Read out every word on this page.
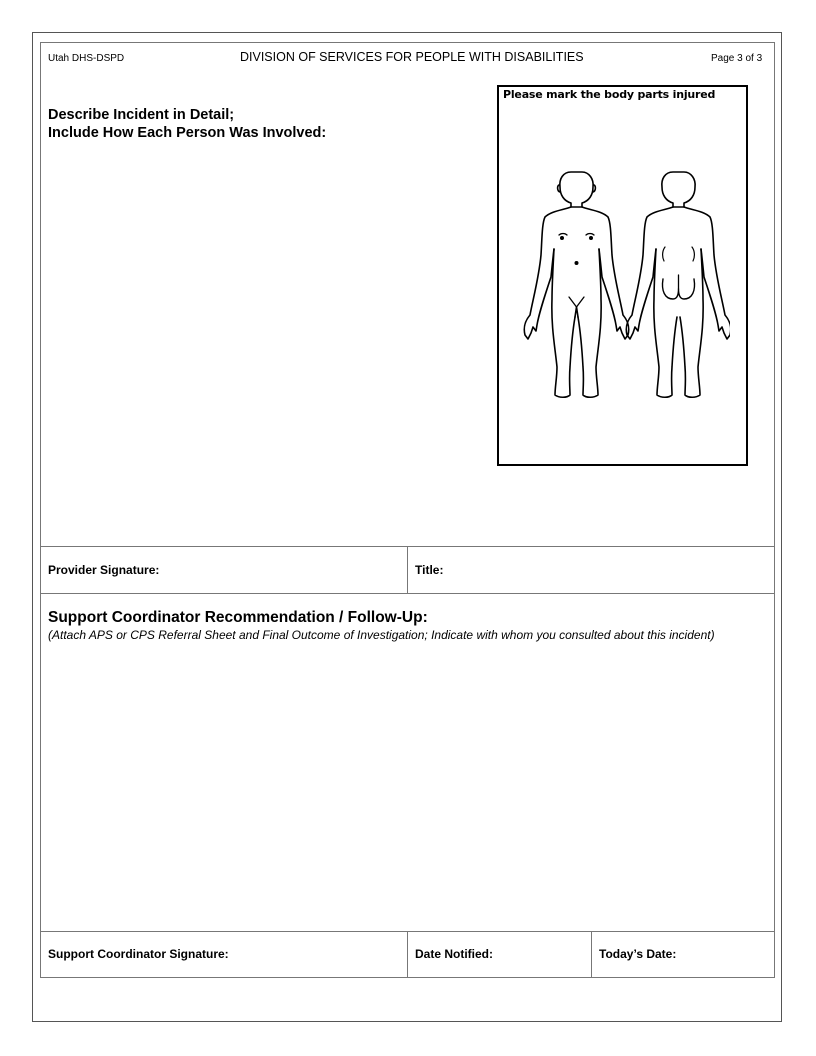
Utah DHS-DSPD	DIVISION OF SERVICES FOR PEOPLE WITH DISABILITIES	Page 3 of 3
Describe Incident in Detail;
Include How Each Person Was Involved:
Please mark the body parts injured
Provider Signature:	Title:
Support Coordinator Recommendation / Follow-Up:
(Attach APS or CPS Referral Sheet and Final Outcome of Investigation; Indicate with whom you consulted about this incident)
Support Coordinator Signature:	Date Notified:	Today’s Date:
